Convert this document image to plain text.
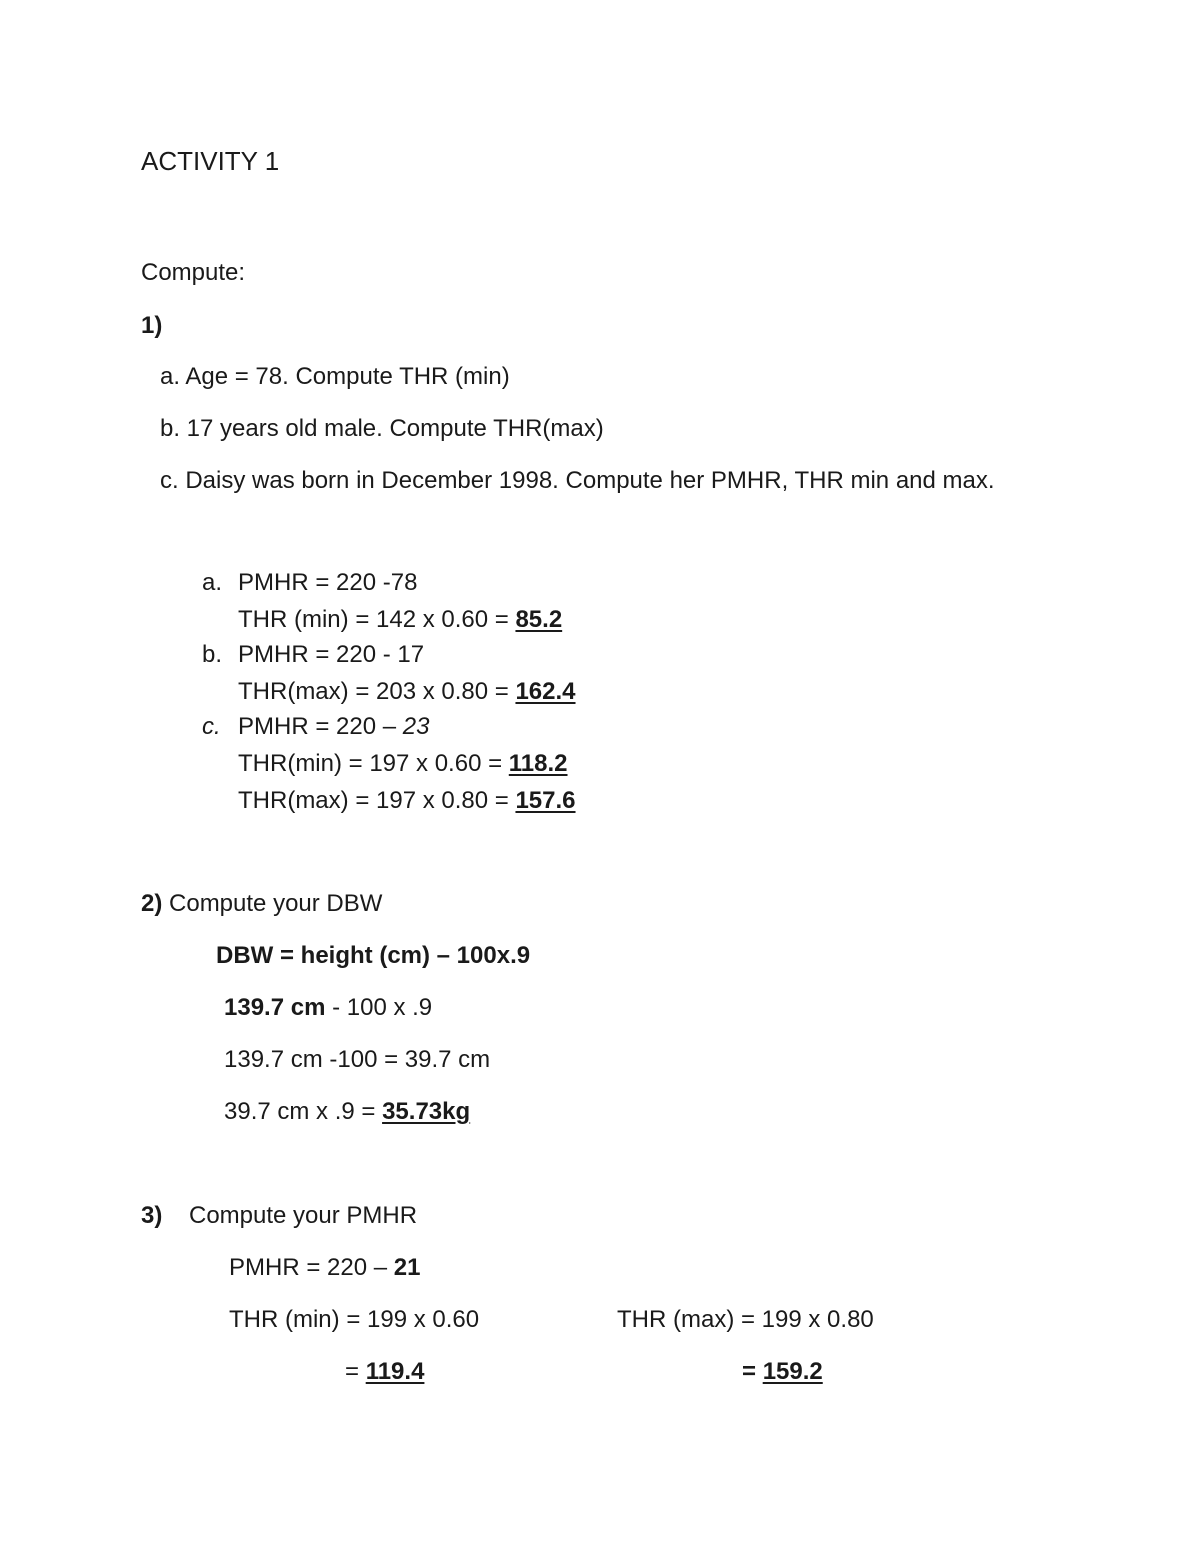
ACTIVITY 1
Compute:
1)
a. Age = 78. Compute THR (min)
b. 17 years old male. Compute THR(max)
c. Daisy was born in December 1998. Compute her PMHR, THR min and max.
a. PMHR = 220 -78
THR (min) = 142 x 0.60 = 85.2
b. PMHR = 220 - 17
THR(max) = 203 x 0.80 = 162.4
c. PMHR = 220 – 23
THR(min) = 197 x 0.60 = 118.2
THR(max) = 197 x 0.80 = 157.6
2) Compute your DBW
DBW = height (cm) – 100x.9
139.7 cm - 100 x .9
139.7 cm -100 = 39.7 cm
39.7 cm x .9 = 35.73kg
3) Compute your PMHR
PMHR = 220 – 21
THR (min) = 199 x 0.60	THR (max) = 199 x 0.80
= 119.4	= 159.2
